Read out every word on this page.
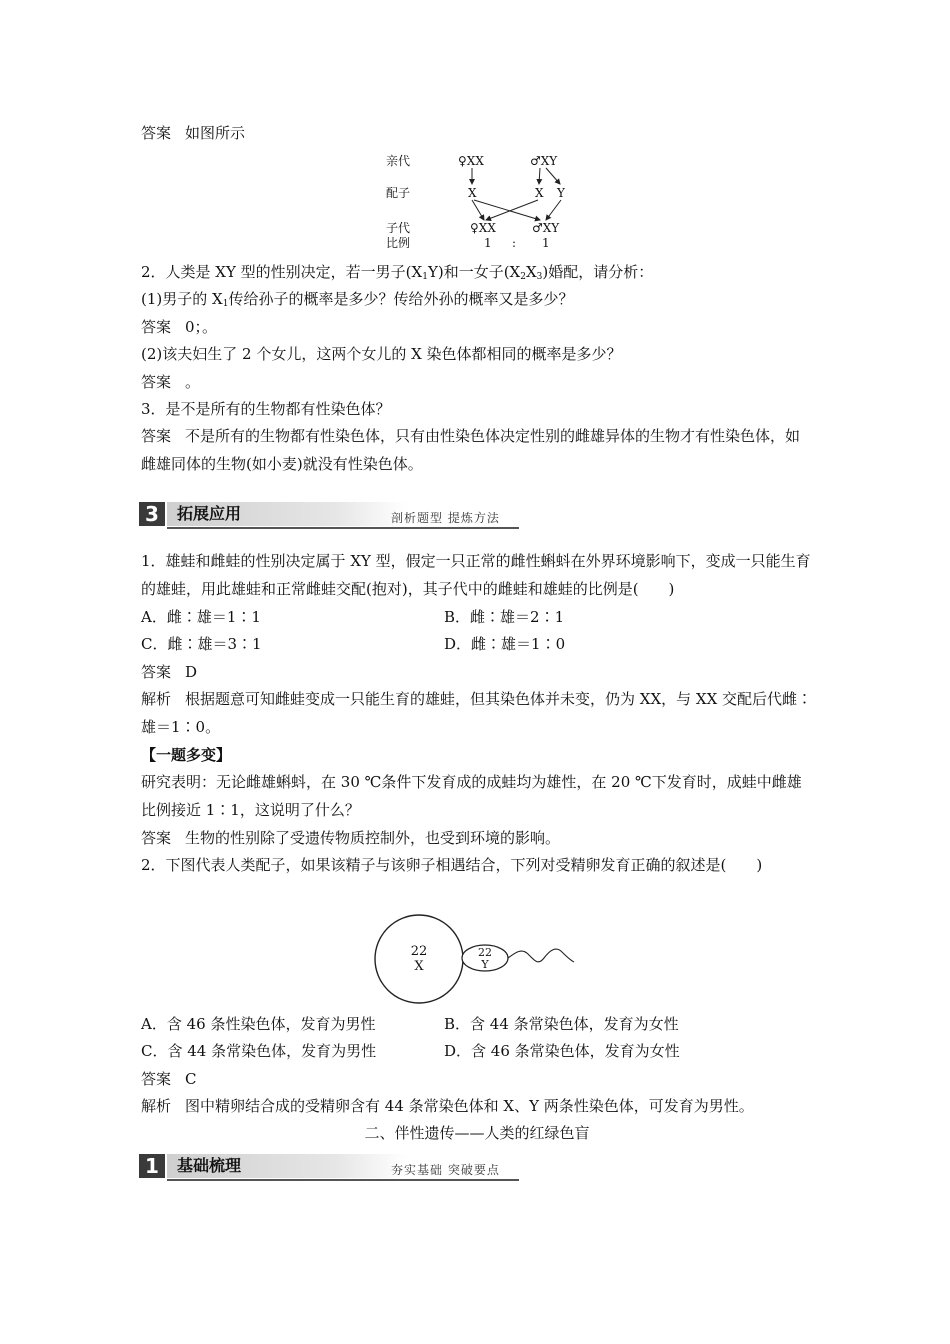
答案 如图所示
亲代
配子
子代
比例
♀XX	♂XY
X	X Y
♀XX	♂XY
1 : 1
2．人类是 XY 型的性别决定，若一男子$(X_1Y)$和一女子$(X_2X_3)$婚配，请分析：
(1)男子的 $X_1$传给孙子的概率是多少？传给外孙的概率又是多少？
答案 0；。
(2)该夫妇生了 2 个女儿，这两个女儿的 X 染色体都相同的概率是多少？
答案 。
3．是不是所有的生物都有性染色体？
答案 不是所有的生物都有性染色体，只有由性染色体决定性别的雌雄异体的生物才有性染色体，如雌雄同体的生物(如小麦)就没有性染色体。
3	拓展应用	剖析题型 提炼方法
1．雄蛙和雌蛙的性别决定属于 XY 型，假定一只正常的雌性蝌蚪在外界环境影响下，变成一只能生育的雄蛙，用此雄蛙和正常雌蛙交配(抱对)，其子代中的雌蛙和雄蛙的比例是(　　)
A．雌∶雄＝1∶1	B．雌∶雄＝2∶1
C．雌∶雄＝3∶1	D．雌∶雄＝1∶0
答案 D
解析 根据题意可知雌蛙变成一只能生育的雄蛙，但其染色体并未变，仍为 XX，与 XX 交配后代雌∶雄＝1∶0。
【一题多变】
研究表明：无论雌雄蝌蚪，在 30 ℃条件下发育成的成蛙均为雄性，在 20 ℃下发育时，成蛙中雌雄比例接近 1∶1，这说明了什么？
答案 生物的性别除了受遗传物质控制外，也受到环境的影响。
2．下图代表人类配子，如果该精子与该卵子相遇结合，下列对受精卵发育正确的叙述是(　　)
22
X
22
Y
A．含 46 条性染色体，发育为男性	B．含 44 条常染色体，发育为女性
C．含 44 条常染色体，发育为男性	D．含 46 条常染色体，发育为女性
答案 C
解析 图中精卵结合成的受精卵含有 44 条常染色体和 X、Y 两条性染色体，可发育为男性。
二、伴性遗传——人类的红绿色盲
1	基础梳理	夯实基础 突破要点
